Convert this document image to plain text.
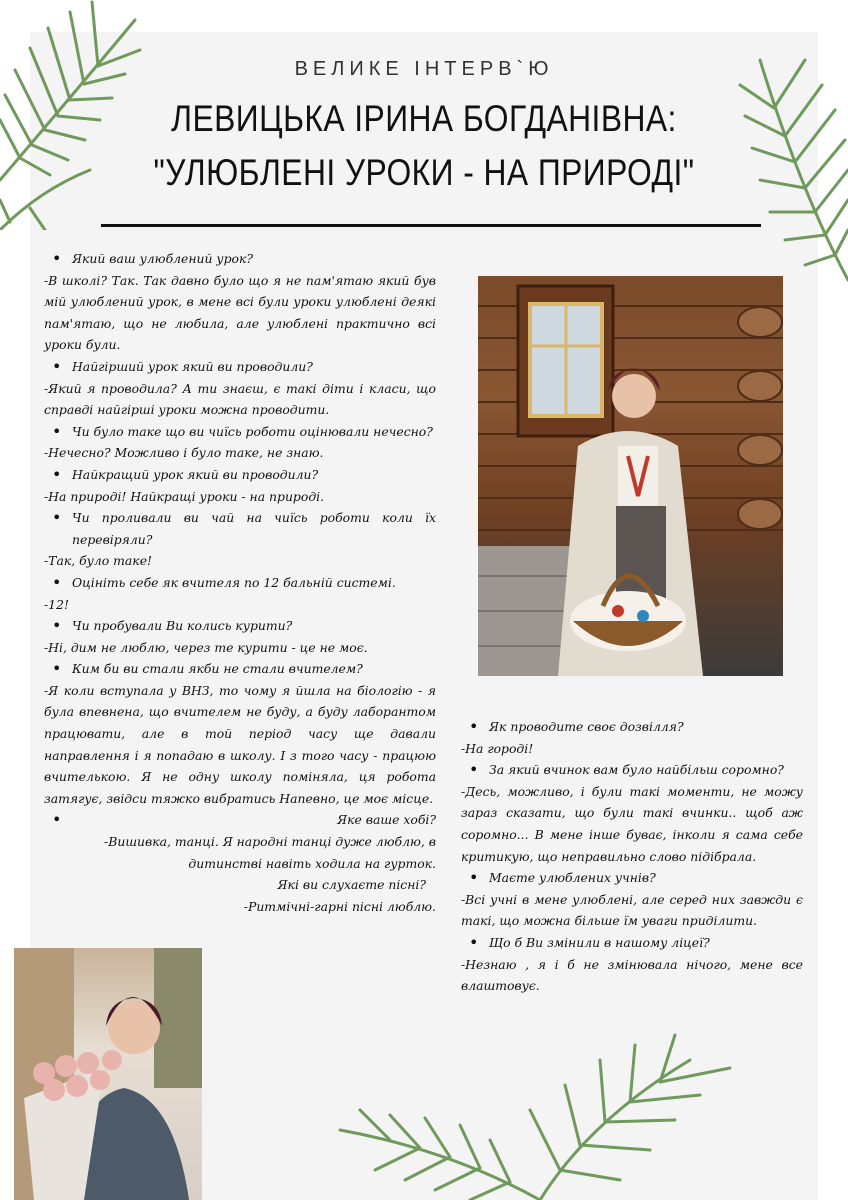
ВЕЛИКЕ ІНТЕРВ`Ю
ЛЕВИЦЬКА ІРИНА БОГДАНІВНА:
"УЛЮБЛЕНІ УРОКИ - НА ПРИРОДІ"
• Який ваш улюблений урок?
-В школі? Так. Так давно було що я не пам'ятаю який був мій улюблений урок, в мене всі були уроки улюблені деякі пам'ятаю, що не любила, але улюблені практично всі уроки були.
• Найгірший урок який ви проводили?
-Який я проводила? А ти знаєш, є такі діти і класи, що справді найгірші уроки можна проводити.
• Чи було таке що ви чиїсь роботи оцінювали нечесно?
-Нечесно? Можливо і було таке, не знаю.
• Найкращий урок який ви проводили?
-На природі! Найкращі уроки - на природі.
• Чи проливали ви чай на чиїсь роботи коли їх перевіряли?
-Так, було таке!
• Оцініть себе як вчителя по 12 бальній системі.
-12!
• Чи пробували Ви колись курити?
-Ні, дим не люблю, через те курити - це не моє.
• Ким би ви стали якби не стали вчителем?
-Я коли вступала у ВНЗ, то чому я йшла на біологію - я була впевнена, що вчителем не буду, а буду лаборантом працювати, але в той період часу ще давали направлення і я попадаю в школу. І з того часу - працюю вчителькою. Я не одну школу поміняла, ця робота затягує, звідси тяжко вибратись Напевно, це моє місце.
• Яке ваше хобі?
-Вишивка, танці. Я народні танці дуже люблю, в дитинстві навіть ходила на гурток.
Які ви слухаєте пісні?
-Ритмічні-гарні пісні люблю.
• Як проводите своє дозвілля?
-На городі!
• За який вчинок вам було найбільш соромно?
-Десь, можливо, і були такі моменти, не можу зараз сказати, що були такі вчинки.. щоб аж соромно... В мене інше буває, інколи я сама себе критикую, що неправильно слово підібрала.
• Маєте улюблених учнів?
-Всі учні в мене улюблені, але серед них завжди є такі, що можна більше їм уваги приділити.
• Що б Ви змінили в нашому ліцеї?
-Незнаю , я і б не змінювала нічого, мене все влаштовує.
